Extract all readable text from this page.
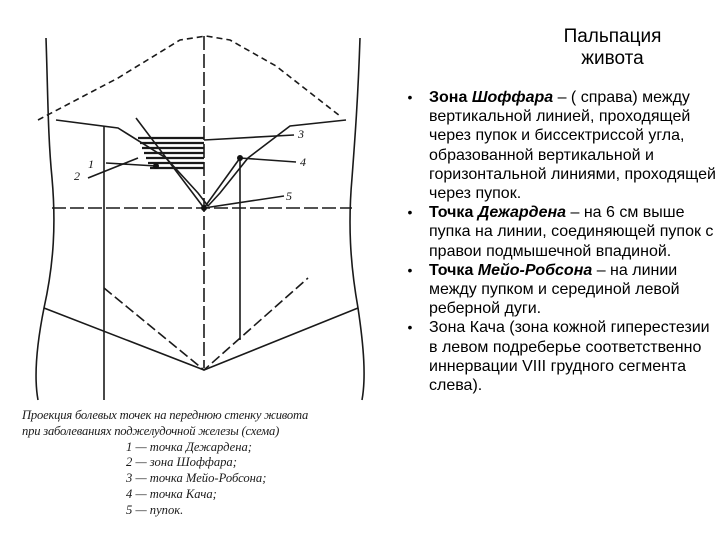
1
2
3
4
5
Проекция болевых точек на переднюю стенку живота
при заболеваниях поджелудочной железы (схема)
1 — точка Дежардена;
2 — зона Шоффара;
3 — точка Мейо-Робсона;
4 — точка Кача;
5 — пупок.
Пальпация живота
•	Зона Шоффара – ( справа) между вертикальной линией, проходящей через пупок и биссектриссой угла, образованной вертикальной и горизонтальной линиями, проходящей через пупок.
•	Точка Дежардена – на 6 см выше пупка на линии, соединяющей пупок с правои подмышечной впадиной.
•	Точка Мейо-Робсона – на линии между пупком и серединой левой реберной дуги.
•	Зона Кача (зона кожной гиперестезии в левом подреберье соответственно иннервации VIII грудного сегмента слева).
